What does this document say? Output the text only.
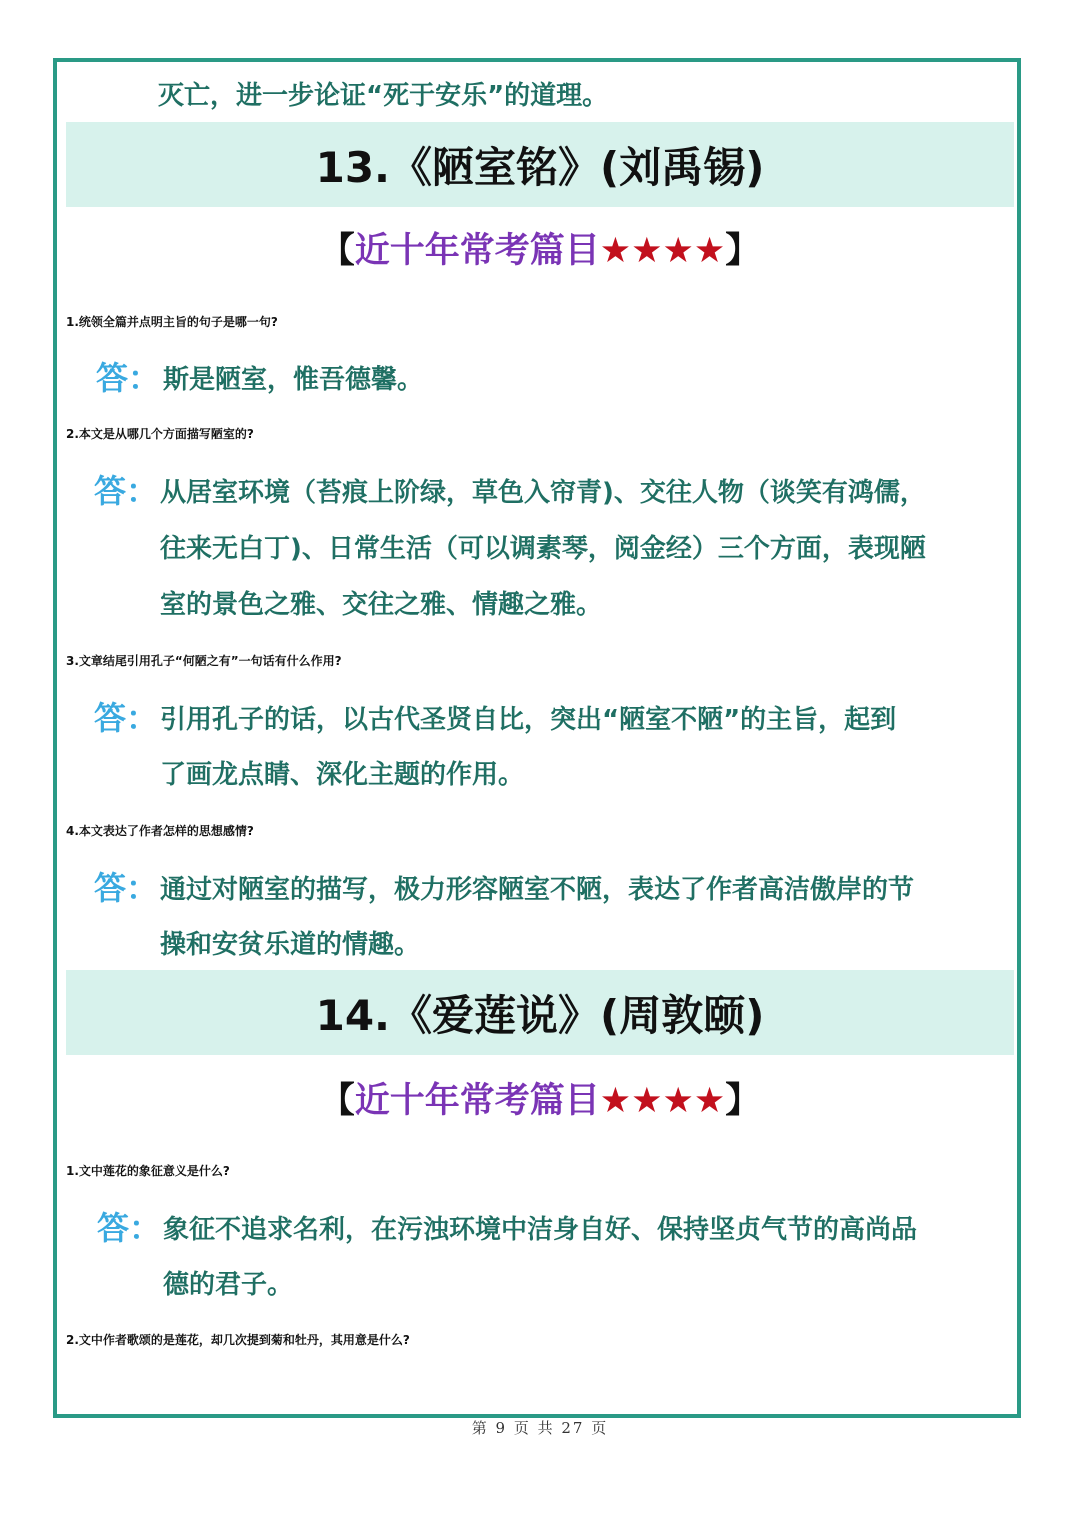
灭亡，进一步论证“死于安乐”的道理。
13.《陋室铭》(刘禹锡)
【近十年常考篇目★★★★】
1.统领全篇并点明主旨的句子是哪一句?
答： 斯是陋室，惟吾德馨。
2.本文是从哪几个方面描写陋室的?
答： 从居室环境（苔痕上阶绿，草色入帘青)、交往人物（谈笑有鸿儒，
往来无白丁)、日常生活（可以调素琴，阅金经）三个方面，表现陋
室的景色之雅、交往之雅、情趣之雅。
3.文章结尾引用孔子“何陋之有”一句话有什么作用?
答： 引用孔子的话，以古代圣贤自比，突出“陋室不陋”的主旨，起到
了画龙点睛、深化主题的作用。
4.本文表达了作者怎样的思想感情?
答： 通过对陋室的描写，极力形容陋室不陋，表达了作者高洁傲岸的节
操和安贫乐道的情趣。
14.《爱莲说》(周敦颐)
【近十年常考篇目★★★★】
1.文中莲花的象征意义是什么?
答： 象征不追求名利，在污浊环境中洁身自好、保持坚贞气节的高尚品
德的君子。
2.文中作者歌颂的是莲花，却几次提到菊和牡丹，其用意是什么?
第 9 页 共 27 页
